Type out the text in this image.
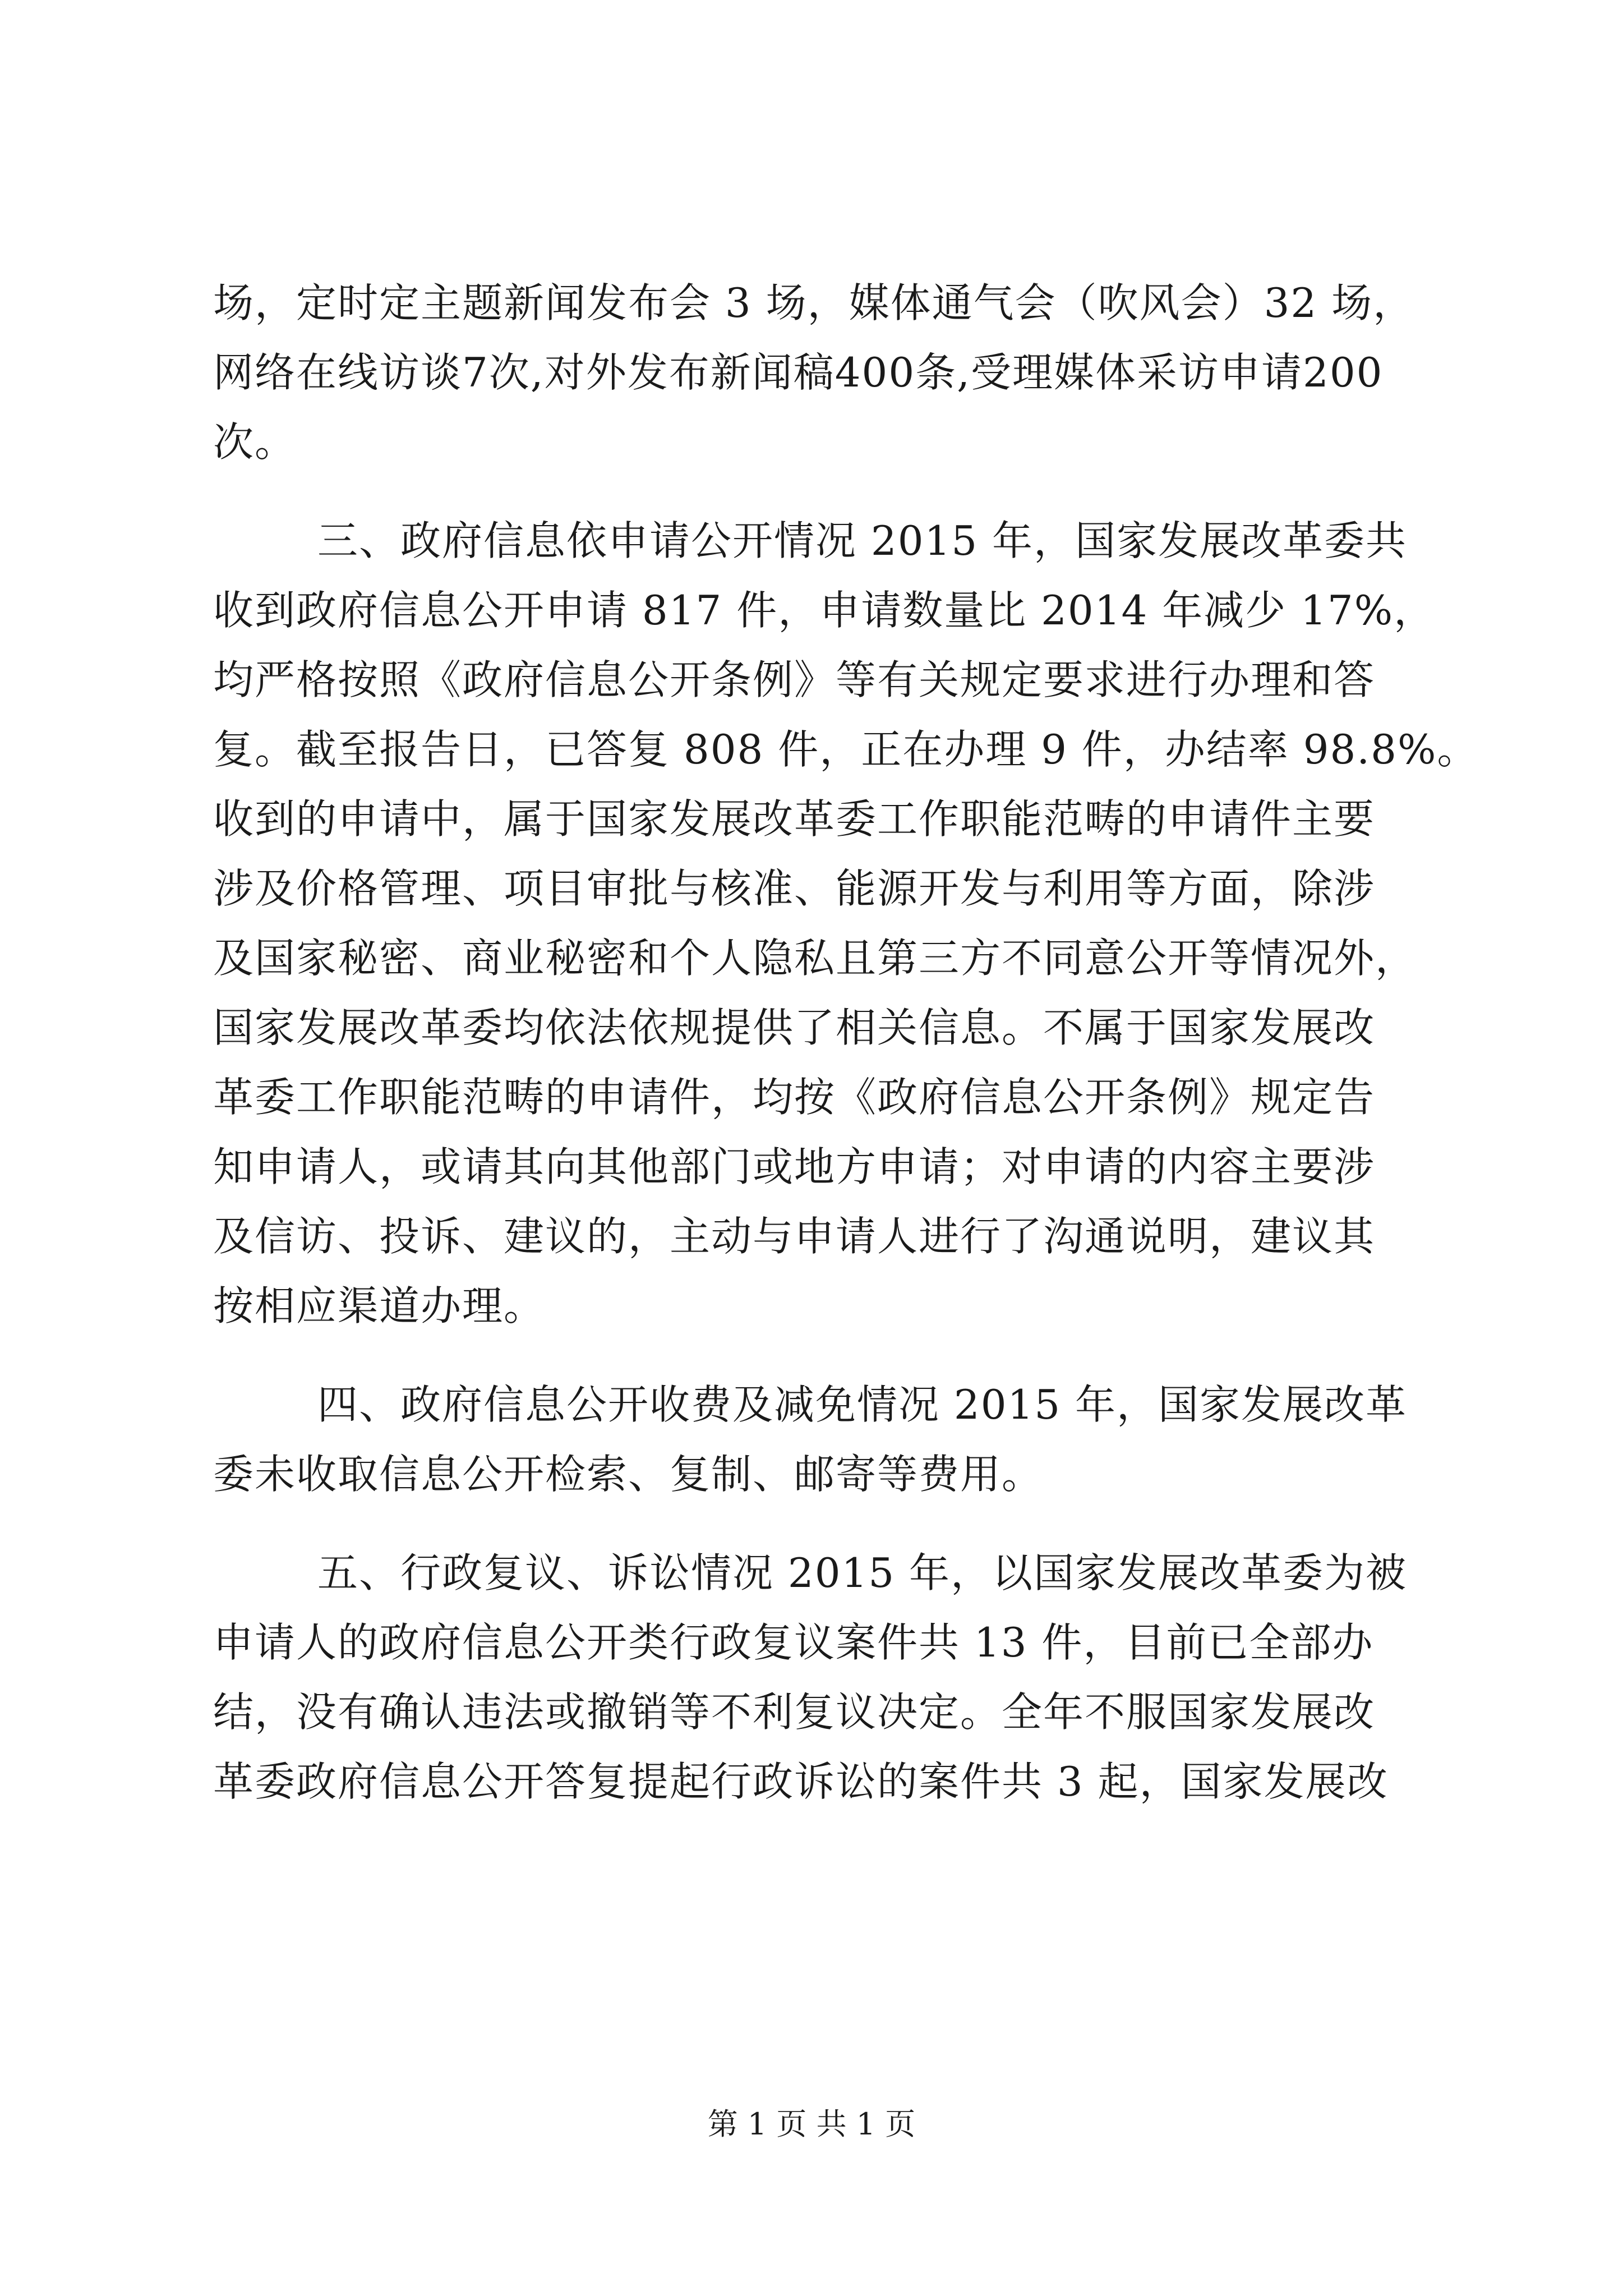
场，定时定主题新闻发布会 3 场，媒体通气会（吹风会）32 场，
网络在线访谈7次,对外发布新闻稿400条,受理媒体采访申请200
次。
三、政府信息依申请公开情况 2015 年，国家发展改革委共
收到政府信息公开申请 817 件，申请数量比 2014 年减少 17%，
均严格按照《政府信息公开条例》等有关规定要求进行办理和答
复。截至报告日，已答复 808 件，正在办理 9 件，办结率 98.8%。
收到的申请中，属于国家发展改革委工作职能范畴的申请件主要
涉及价格管理、项目审批与核准、能源开发与利用等方面，除涉
及国家秘密、商业秘密和个人隐私且第三方不同意公开等情况外，
国家发展改革委均依法依规提供了相关信息。不属于国家发展改
革委工作职能范畴的申请件，均按《政府信息公开条例》规定告
知申请人，或请其向其他部门或地方申请；对申请的内容主要涉
及信访、投诉、建议的，主动与申请人进行了沟通说明，建议其
按相应渠道办理。
四、政府信息公开收费及减免情况 2015 年，国家发展改革
委未收取信息公开检索、复制、邮寄等费用。
五、行政复议、诉讼情况 2015 年，以国家发展改革委为被
申请人的政府信息公开类行政复议案件共 13 件，目前已全部办
结，没有确认违法或撤销等不利复议决定。全年不服国家发展改
革委政府信息公开答复提起行政诉讼的案件共 3 起，国家发展改
第 1 页 共 1 页
